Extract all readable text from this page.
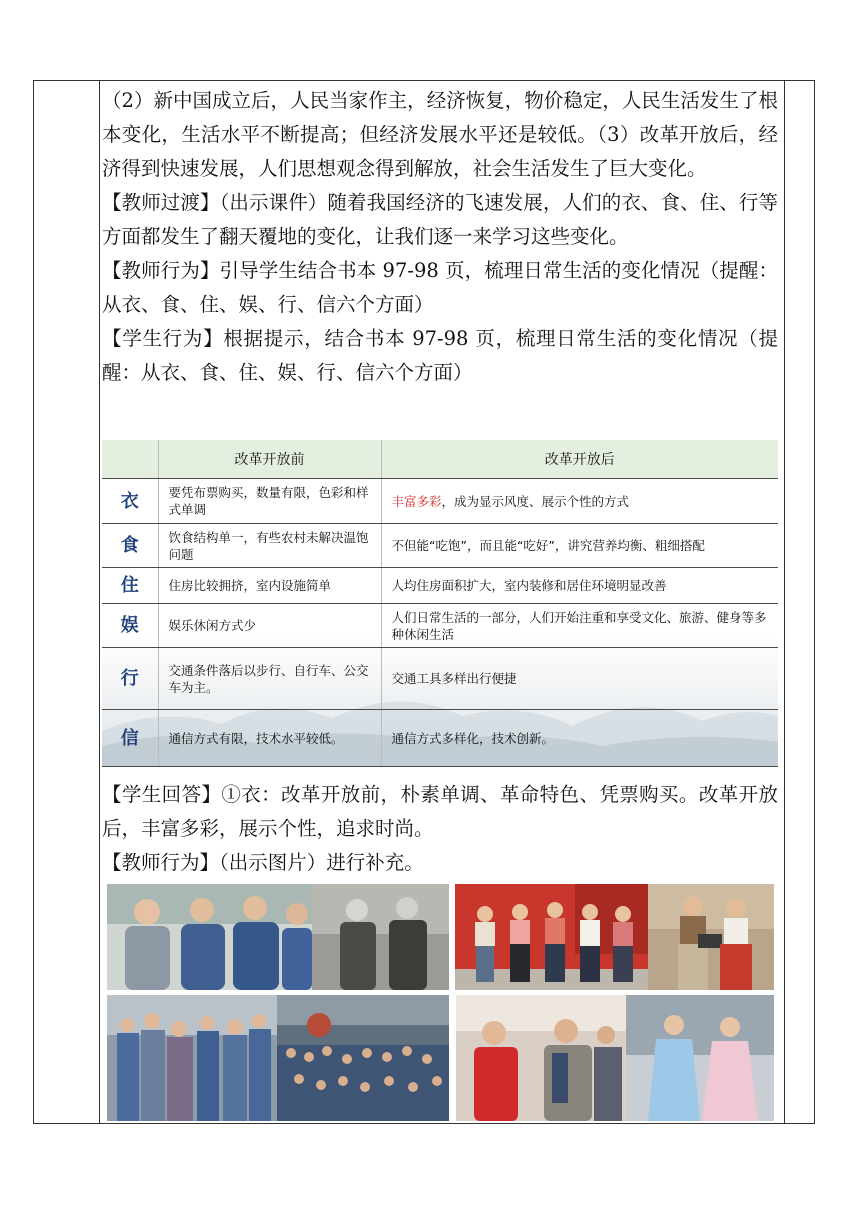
（2）新中国成立后，人民当家作主，经济恢复，物价稳定，人民生活发生了根本变化，生活水平不断提高；但经济发展水平还是较低。（3）改革开放后，经济得到快速发展，人们思想观念得到解放，社会生活发生了巨大变化。

【教师过渡】（出示课件）随着我国经济的飞速发展，人们的衣、食、住、行等方面都发生了翻天覆地的变化，让我们逐一来学习这些变化。

【教师行为】引导学生结合书本 97-98 页，梳理日常生活的变化情况（提醒：从衣、食、住、娱、行、信六个方面）

【学生行为】根据提示，结合书本 97-98 页，梳理日常生活的变化情况（提醒：从衣、食、住、娱、行、信六个方面）

	改革开放前	改革开放后
衣	要凭布票购买，数量有限，色彩和样式单调	丰富多彩，成为显示风度、展示个性的方式
食	饮食结构单一，有些农村未解决温饱问题	不但能“吃饱”，而且能“吃好”，讲究营养均衡、粗细搭配
住	住房比较拥挤，室内设施简单	人均住房面积扩大，室内装修和居住环境明显改善
娱	娱乐休闲方式少	人们日常生活的一部分，人们开始注重和享受文化、旅游、健身等多种休闲生活
行	交通条件落后以步行、自行车、公交车为主。	交通工具多样出行便捷
信	通信方式有限，技术水平较低。	通信方式多样化，技术创新。

【学生回答】①衣：改革开放前，朴素单调、革命特色、凭票购买。改革开放后，丰富多彩，展示个性，追求时尚。

【教师行为】（出示图片）进行补充。
